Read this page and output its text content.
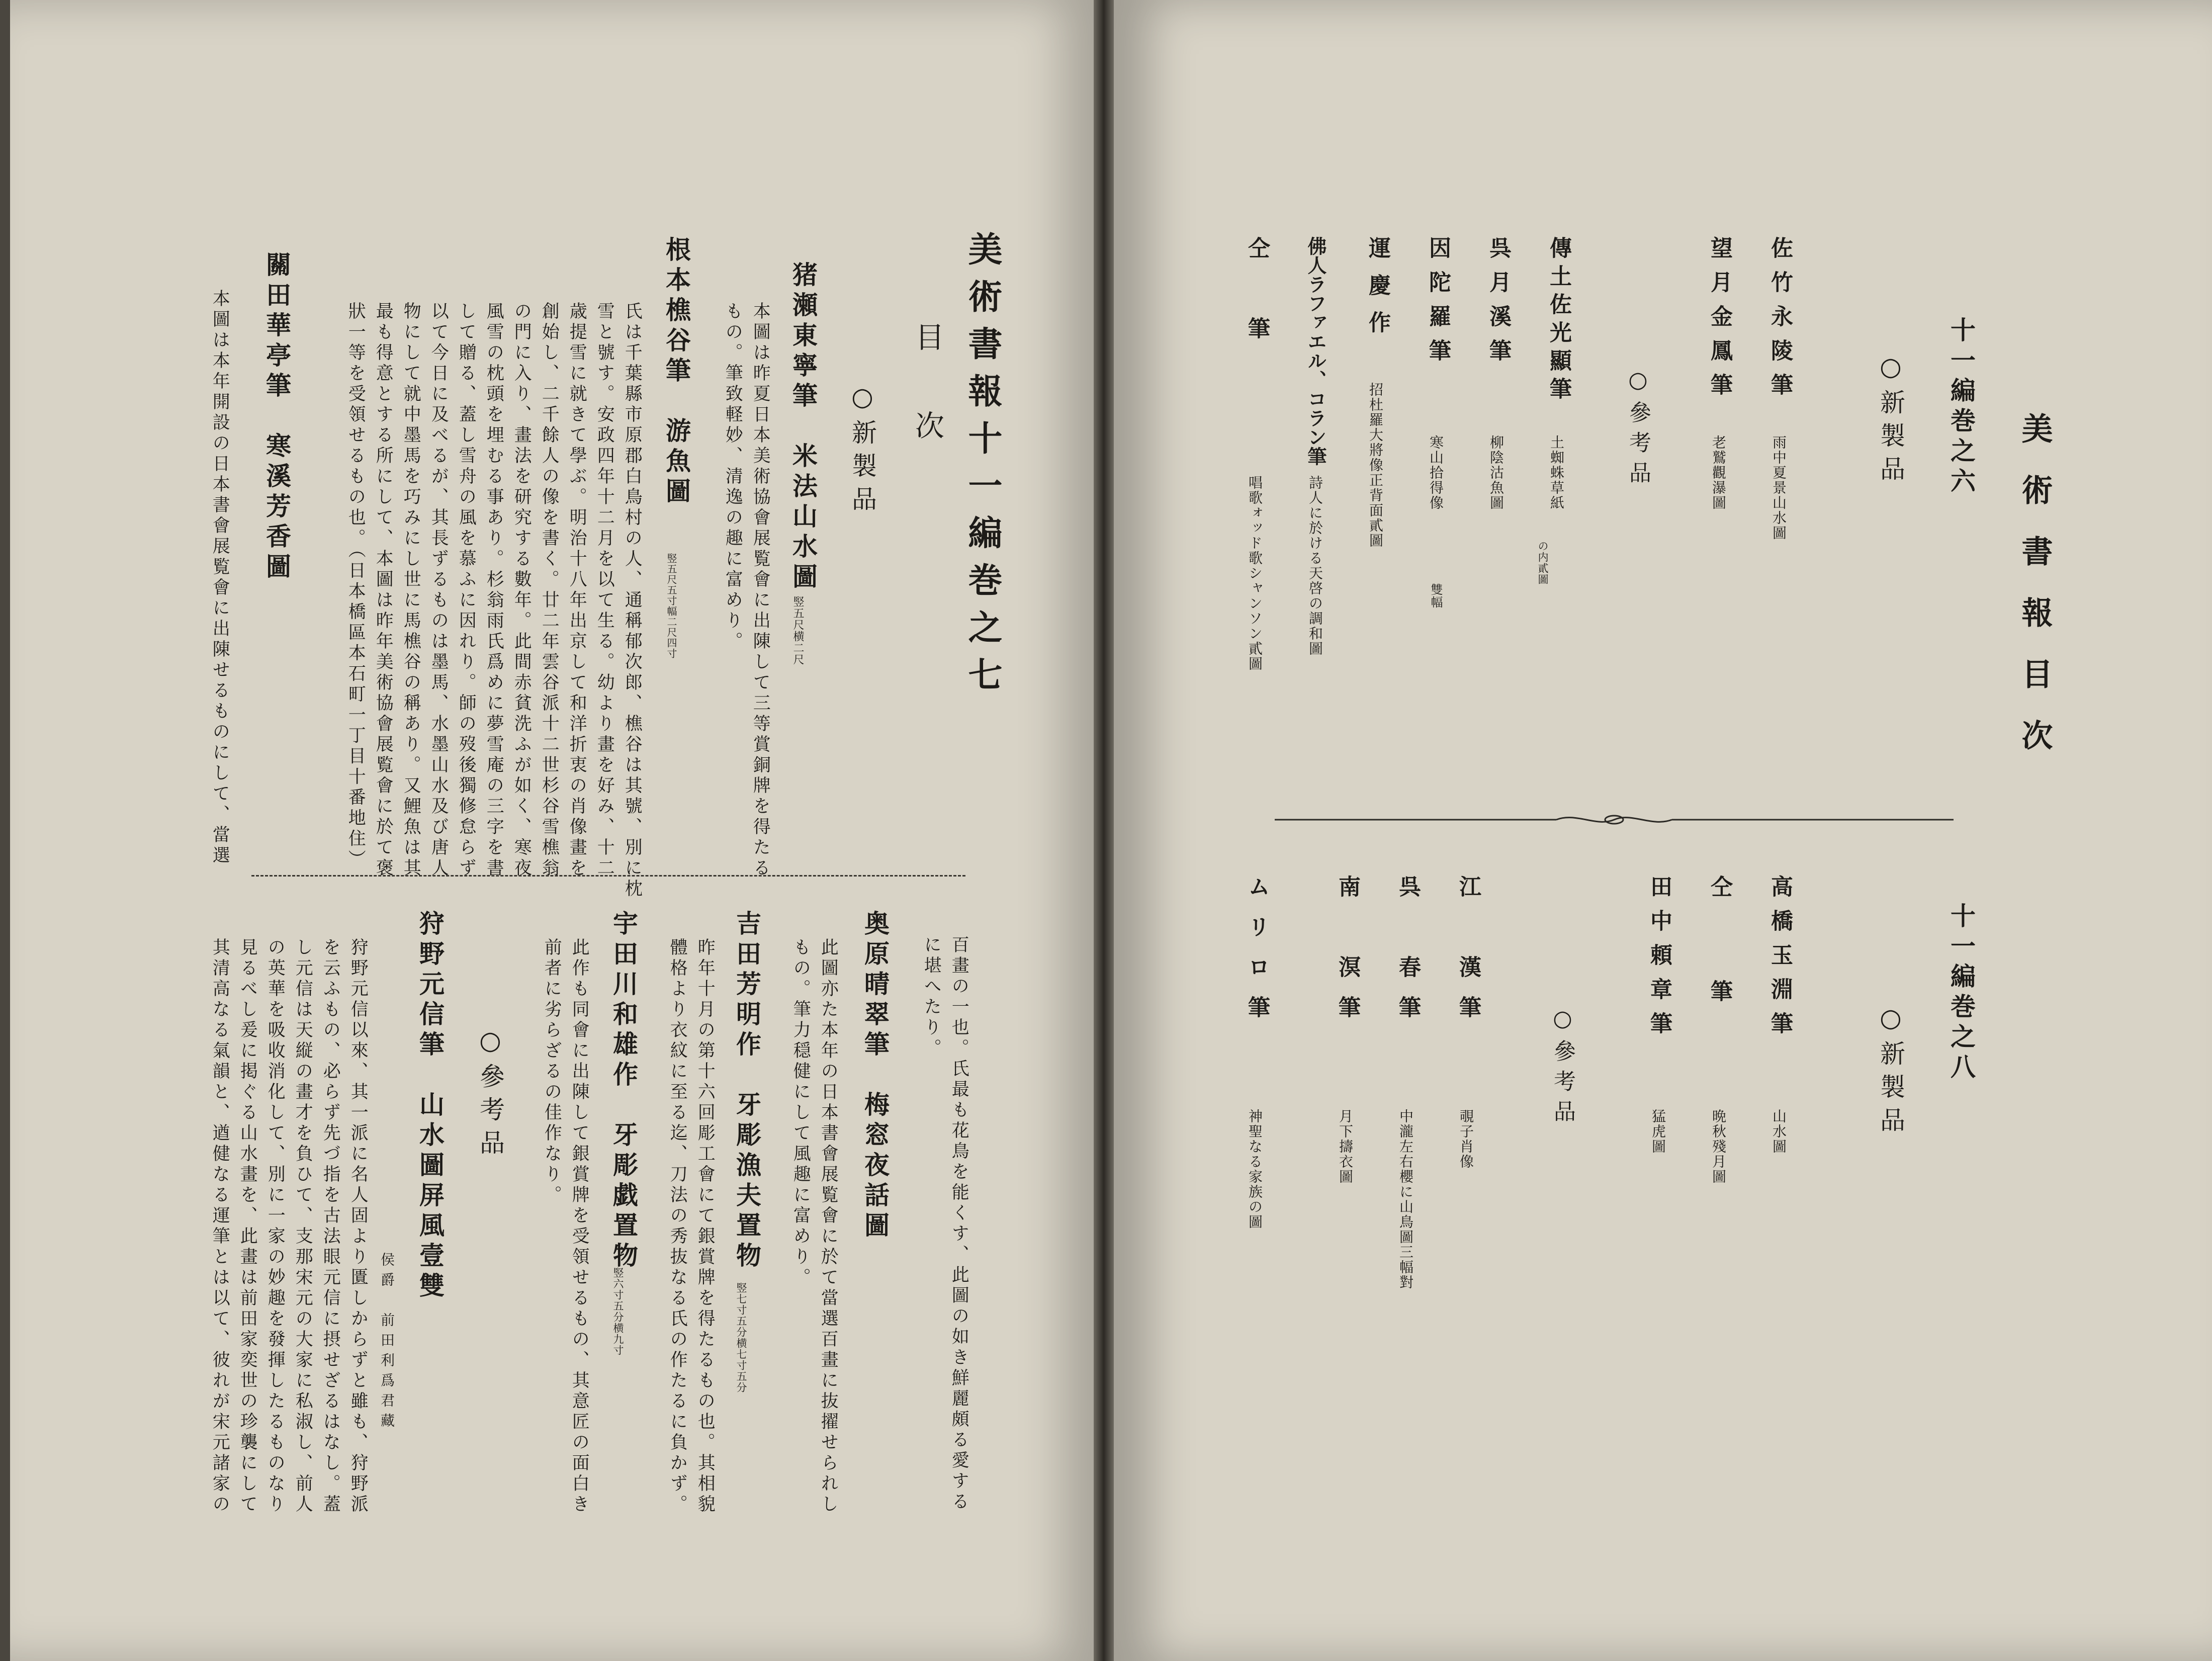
美術書報十一編巻之七
目　次
○新製品
猪瀬東寧筆　米法山水圖
竪五尺横二尺
本圖は昨夏日本美術協會展覧會に出陳して三等賞銅牌を得たる
もの。筆致軽妙、清逸の趣に富めり。
根本樵谷筆　游魚圖
竪五尺五寸幅二尺四寸
氏は千葉縣市原郡白鳥村の人、通稱郁次郎、樵谷は其號、別に枕
雪と號す。安政四年十二月を以て生る。幼より畫を好み、十二
歳提雪に就きて學ぶ。明治十八年出京して和洋折衷の肖像畫を
創始し、二千餘人の像を書く。廿二年雲谷派十二世杉谷雪樵翁
の門に入り、畫法を研究する數年。此間赤貧洗ふが如く、寒夜
風雪の枕頭を埋むる事あり。杉翁雨氏爲めに夢雪庵の三字を書
して贈る、蓋し雪舟の風を慕ふに因れり。師の歿後獨修怠らず
以て今日に及べるが、其長ずるものは墨馬、水墨山水及び唐人
物にして就中墨馬を巧みにし世に馬樵谷の稱あり。又鯉魚は其
最も得意とする所にして、本圖は昨年美術協會展覧會に於て褒
狀一等を受領せるもの也。（日本橋區本石町一丁目十番地住）
關田華亭筆　寒溪芳香圖
本圖は本年開設の日本書會展覧會に出陳せるものにして、當選
百畫の一也。氏最も花鳥を能くす、此圖の如き鮮麗頗る愛する
に堪へたり。
奥原晴翠筆　梅窓夜話圖
此圖亦た本年の日本書會展覧會に於て當選百畫に抜擢せられし
もの。筆力穏健にして風趣に富めり。
吉田芳明作　牙彫漁夫置物
竪七寸五分横七寸五分
昨年十月の第十六回彫工會にて銀賞牌を得たるもの也。其相貌
體格より衣紋に至る迄、刀法の秀抜なる氏の作たるに負かず。
宇田川和雄作　牙彫戯置物
竪六寸五分横九寸
此作も同會に出陳して銀賞牌を受領せるもの、其意匠の面白き
前者に劣らざるの佳作なり。
○參考品
狩野元信筆　山水圖屏風壹雙
侯爵　前田利爲君藏
狩野元信以來、其一派に名人固より匱しからずと雖も、狩野派
を云ふもの、必らず先づ指を古法眼元信に摂せざるはなし。蓋
し元信は天縦の畫才を負ひて、支那宋元の大家に私淑し、前人
の英華を吸收消化して、別に一家の妙趣を發揮したるものなり
見るべし爰に掲ぐる山水畫を、此畫は前田家奕世の珍襲にして
其清高なる氣韻と、遒健なる運筆とは以て、彼れが宋元諸家の
美術書報目次
十一編巻之六
○新製品
佐竹永陵筆
雨中夏景山水圖
望月金鳳筆
老鷲觀瀑圖
○參考品
傳土佐光顯筆
土蜘蛛草紙
の内貳圖
呉月溪筆
柳陰沽魚圖
因陀羅筆
寒山拾得像
雙幅
運慶作
招杜羅大將像正背面貳圖
佛人ラファエル、コラン筆
詩人に於ける天啓の調和圖
仝　筆
唱歌ォッド歌シャンソン貳圖
十一編巻之八
○新製品
高橋玉淵筆
山水圖
仝　筆
晩秋殘月圖
田中頼章筆
猛虎圖
○參考品
江　漢筆
覗子肖像
呉　春筆
中瀧左右櫻に山鳥圖三幅對
南　溟筆
月下擣衣圖
ムリロ筆
神聖なる家族の圖
